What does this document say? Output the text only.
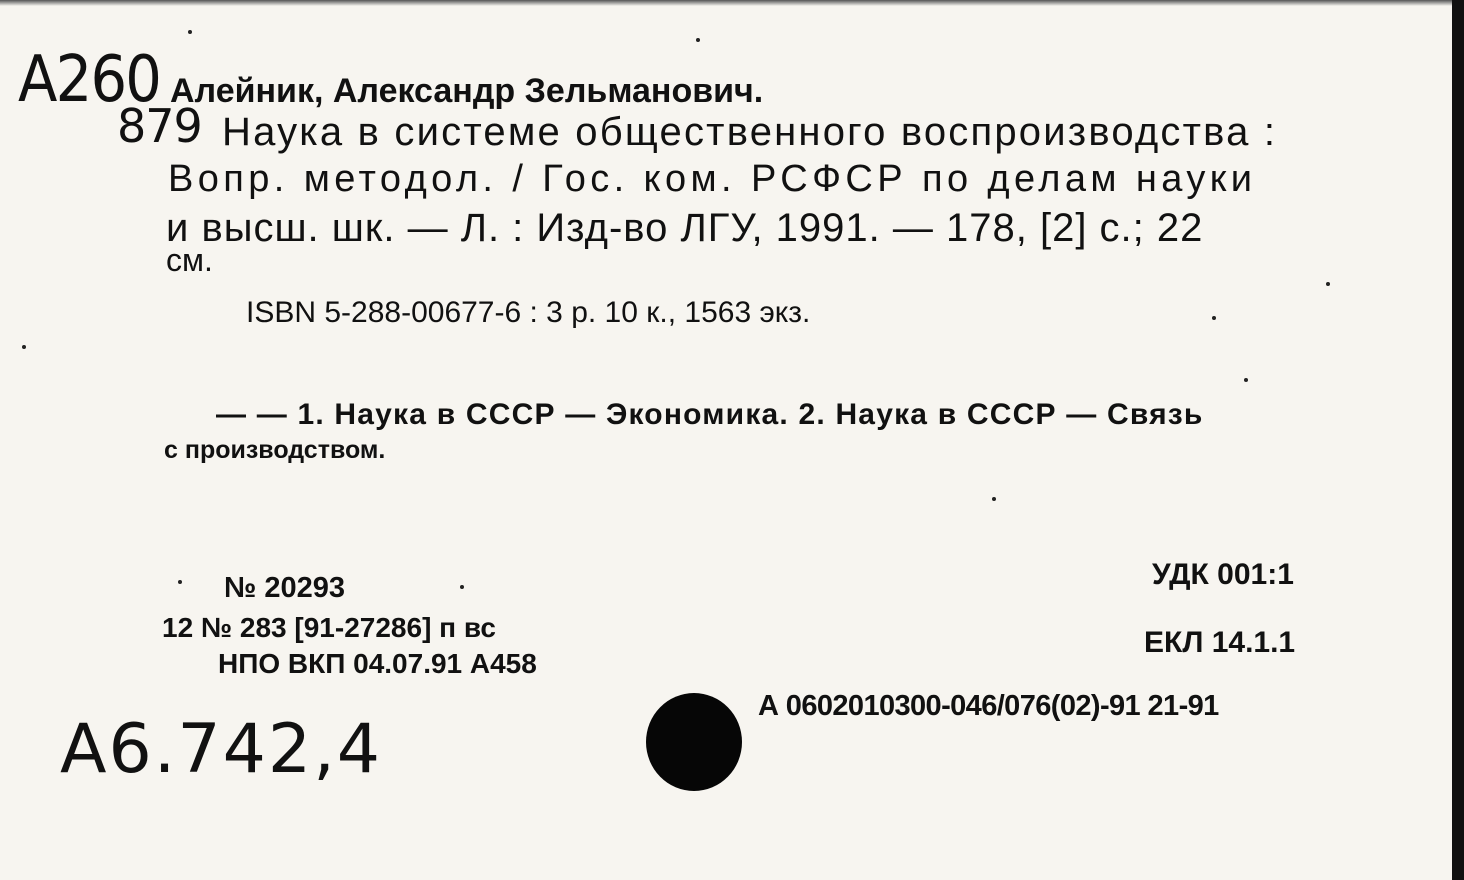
А260
879
А6.742,4
Алейник, Александр Зельманович.
Наука в системе общественного воспроизводства :
Вопр. методол. / Гос. ком. РСФСР по делам науки
и высш. шк. — Л. : Изд-во ЛГУ, 1991. — 178, [2] с.; 22
см.
ISBN 5-288-00677-6 : 3 р. 10 к., 1563 экз.
— — 1. Наука в СССР — Экономика. 2. Наука в СССР — Связь
с производством.
№ 20293
12 № 283 [91-27286] п вс
НПО ВКП 04.07.91 А458
УДК 001:1
ЕКЛ 14.1.1
А 0602010300-046/076(02)-91 21-91
